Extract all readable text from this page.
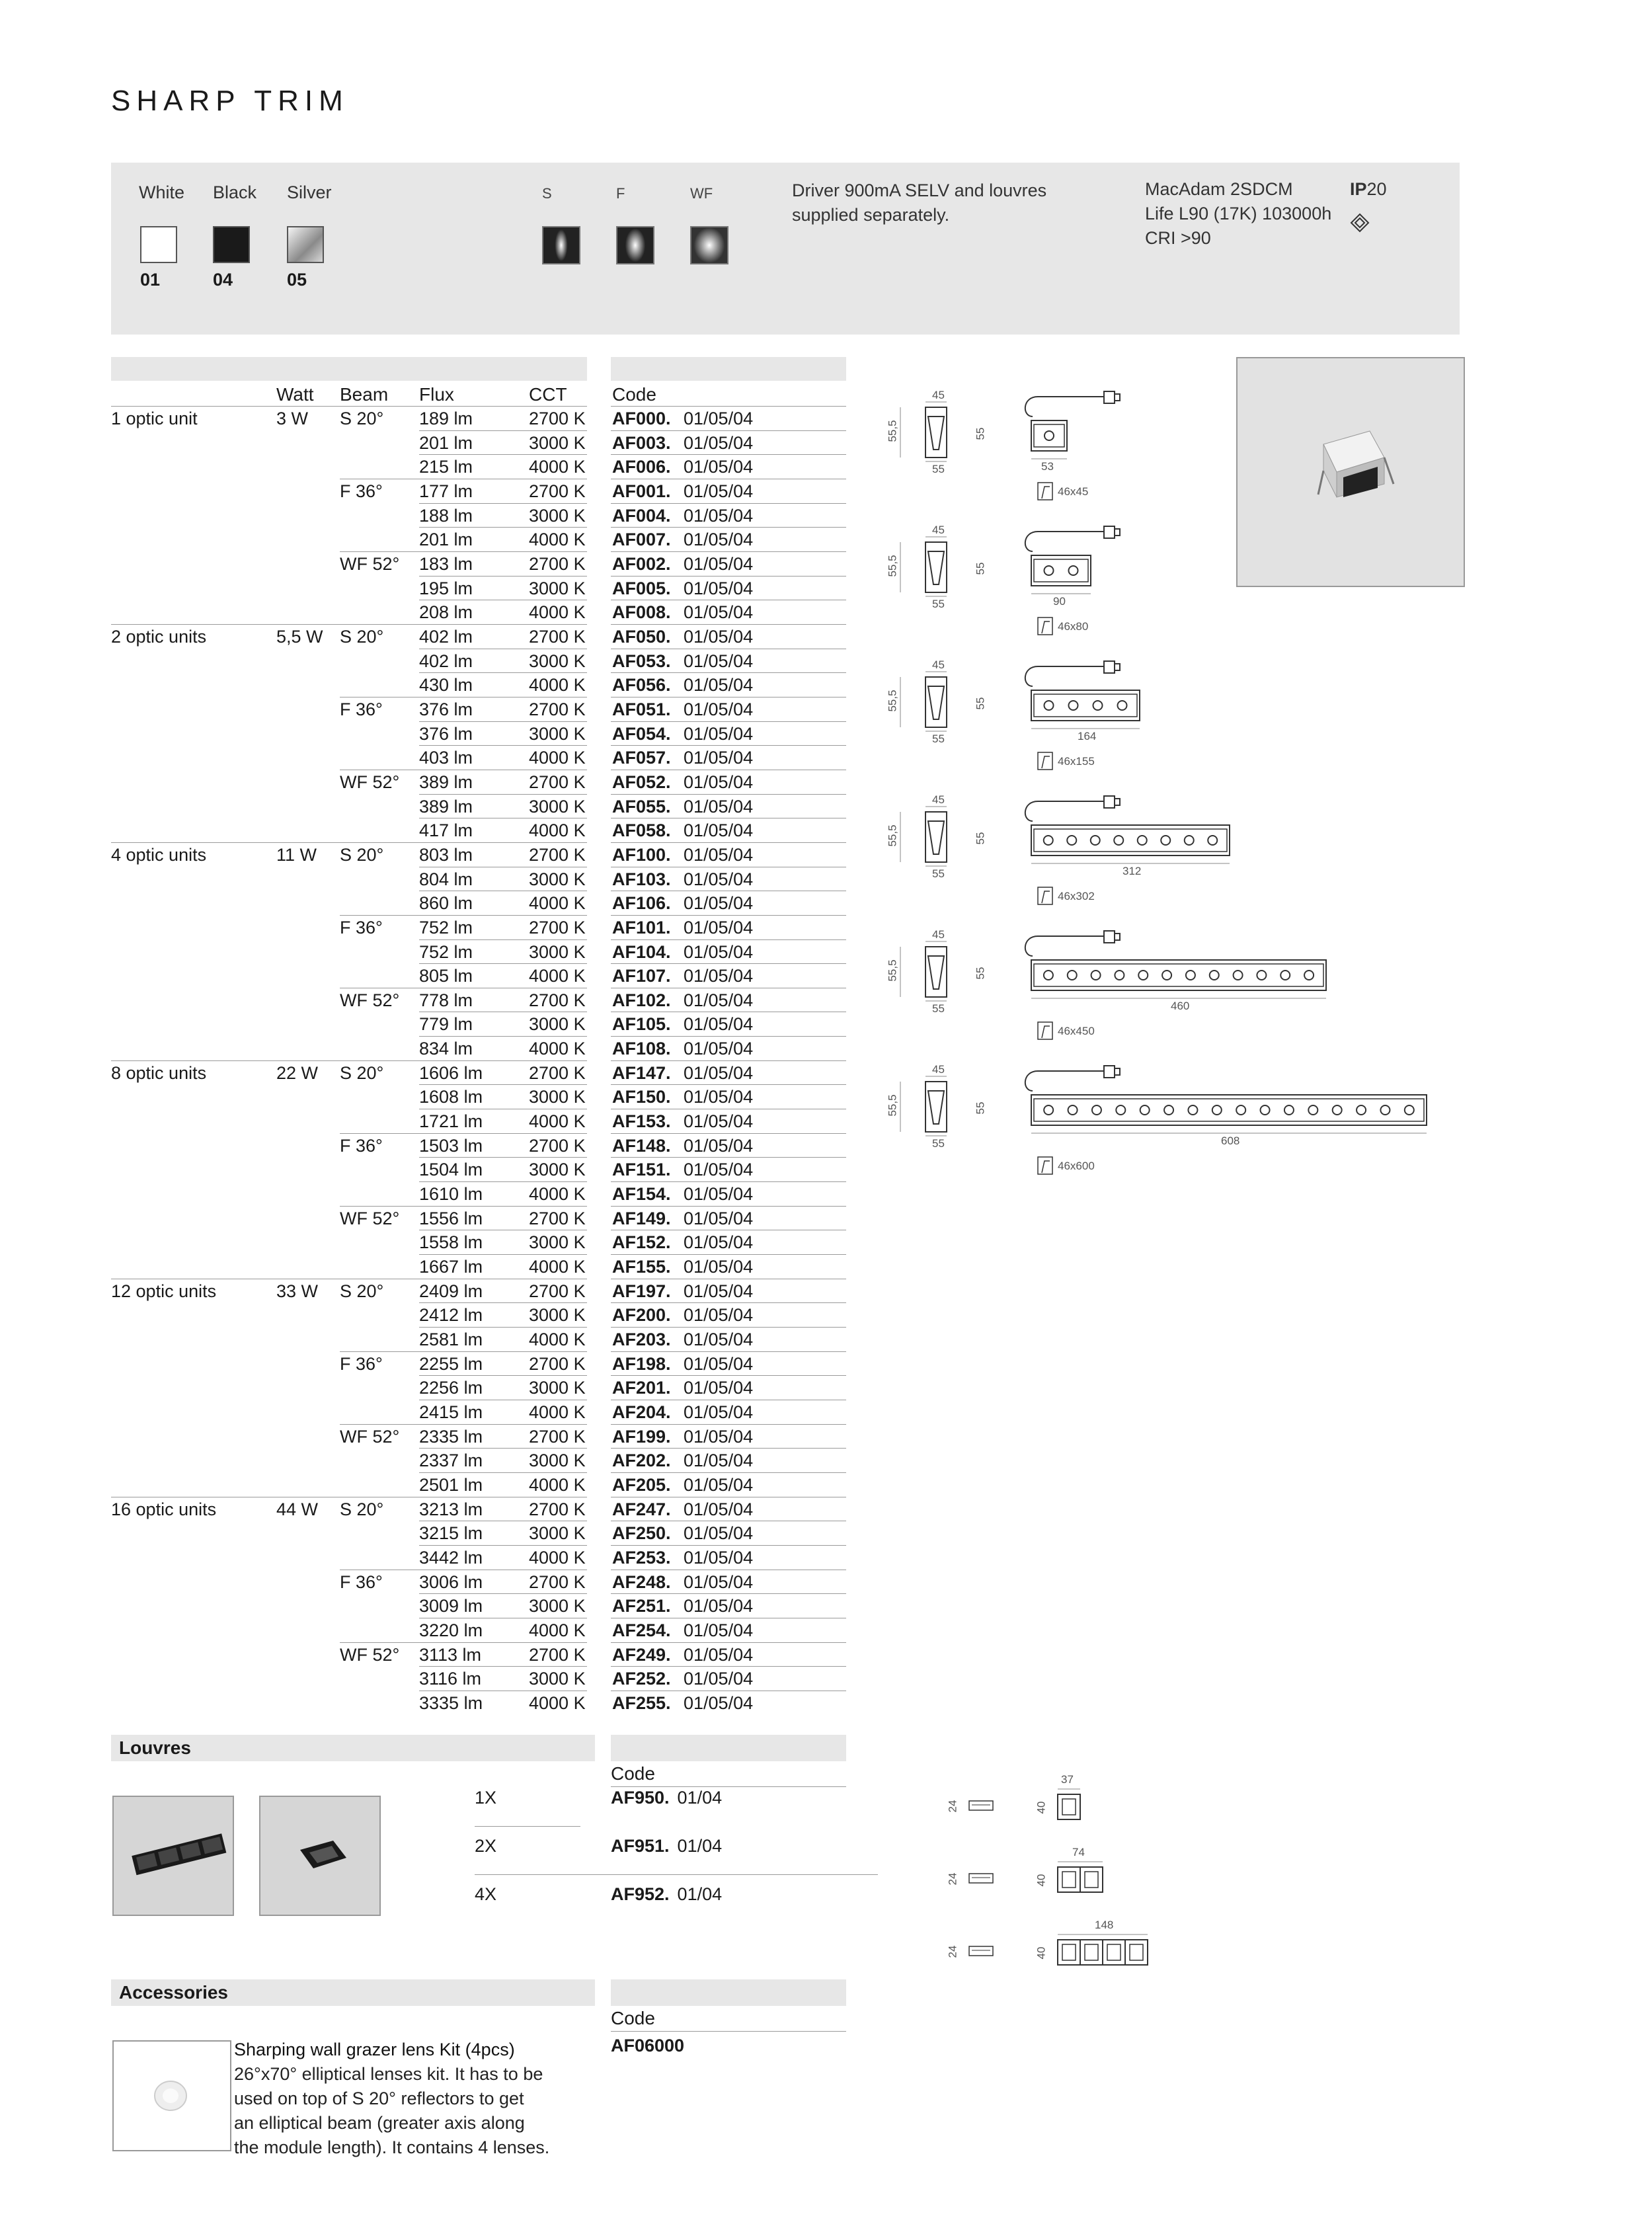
SHARP TRIM
White Black Silver
01	04	05
S	F	WF	Driver 900mA SELV and louvres
supplied separately.
MacAdam 2SDCM
Life L90 (17K) 103000h
CRI >90
IP20
Watt Beam Flux	CCT Code
1 optic unit	3 W S 20° 189 lm	2700 K AF000. 01/05/04
201 lm	3000 K AF003. 01/05/04
215 lm	4000 K AF006. 01/05/04
F 36° 177 lm	2700 K AF001. 01/05/04
188 lm	3000 K AF004. 01/05/04
201 lm	4000 K AF007. 01/05/04
WF 52° 183 lm	2700 K AF002. 01/05/04
195 lm	3000 K AF005. 01/05/04
208 lm	4000 K AF008. 01/05/04
2 optic units	5,5 W S 20° 402 lm	2700 K AF050. 01/05/04
402 lm	3000 K AF053. 01/05/04
430 lm	4000 K AF056. 01/05/04
F 36° 376 lm	2700 K AF051. 01/05/04
376 lm	3000 K AF054. 01/05/04
403 lm	4000 K AF057. 01/05/04
WF 52° 389 lm	2700 K AF052. 01/05/04
389 lm	3000 K AF055. 01/05/04
417 lm	4000 K AF058. 01/05/04
4 optic units	11 W S 20° 803 lm	2700 K AF100. 01/05/04
804 lm	3000 K AF103. 01/05/04
860 lm	4000 K AF106. 01/05/04
F 36° 752 lm	2700 K AF101. 01/05/04
752 lm	3000 K AF104. 01/05/04
805 lm	4000 K AF107. 01/05/04
WF 52° 778 lm	2700 K AF102. 01/05/04
779 lm	3000 K AF105. 01/05/04
834 lm	4000 K AF108. 01/05/04
8 optic units	22 W S 20° 1606 lm	2700 K AF147. 01/05/04
1608 lm	3000 K AF150. 01/05/04
1721 lm	4000 K AF153. 01/05/04
F 36° 1503 lm	2700 K AF148. 01/05/04
1504 lm	3000 K AF151. 01/05/04
1610 lm	4000 K AF154. 01/05/04
WF 52° 1556 lm	2700 K AF149. 01/05/04
1558 lm	3000 K AF152. 01/05/04
1667 lm	4000 K AF155. 01/05/04
12 optic units	33 W S 20° 2409 lm	2700 K AF197. 01/05/04
2412 lm	3000 K AF200. 01/05/04
2581 lm	4000 K AF203. 01/05/04
F 36° 2255 lm	2700 K AF198. 01/05/04
2256 lm	3000 K AF201. 01/05/04
2415 lm	4000 K AF204. 01/05/04
WF 52° 2335 lm	2700 K AF199. 01/05/04
2337 lm	3000 K AF202. 01/05/04
2501 lm	4000 K AF205. 01/05/04
16 optic units	44 W S 20° 3213 lm	2700 K AF247. 01/05/04
3215 lm	3000 K AF250. 01/05/04
3442 lm	4000 K AF253. 01/05/04
F 36° 3006 lm	2700 K AF248. 01/05/04
3009 lm	3000 K AF251. 01/05/04
3220 lm	4000 K AF254. 01/05/04
WF 52° 3113 lm	2700 K AF249. 01/05/04
3116 lm	3000 K AF252. 01/05/04
3335 lm	4000 K AF255. 01/05/04
45
55	53
46x45
55,5	55
45
55	90
46x80
55,5	55
45
55	164
46x155
55,5	55
45
55	312
46x302
55,5	55
45
55	460
46x450
55,5	55
45
55	608
46x600
55,5	55
Louvres
Code
1X	AF950. 01/04
2X	AF951. 01/04
4X	AF952. 01/04
37
24	40
74
24	40
148
24	40
Accessories
Code
AF06000
Sharping wall grazer lens Kit (4pcs)
26°x70° elliptical lenses kit. It has to be
used on top of S 20° reflectors to get
an elliptical beam (greater axis along
the module length). It contains 4 lenses.
